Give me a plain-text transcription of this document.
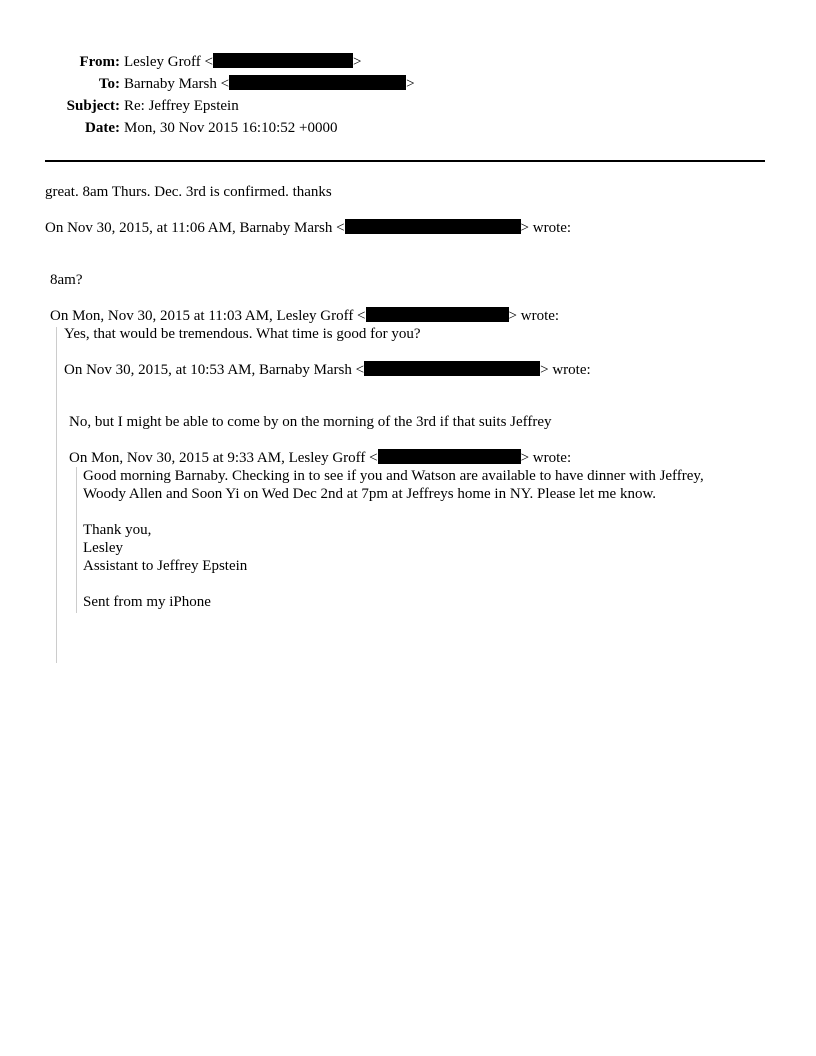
From: Lesley Groff <	>
To: Barnaby Marsh <	>
Subject: Re: Jeffrey Epstein
Date: Mon, 30 Nov 2015 16:10:52 +0000
great. 8am Thurs. Dec. 3rd is confirmed. thanks
On Nov 30, 2015, at 11:06 AM, Barnaby Marsh <	> wrote:
8am?
On Mon, Nov 30, 2015 at 11:03 AM, Lesley Groff <	> wrote:
Yes, that would be tremendous. What time is good for you?
On Nov 30, 2015, at 10:53 AM, Barnaby Marsh <	> wrote:
No, but I might be able to come by on the morning of the 3rd if that suits Jeffrey
On Mon, Nov 30, 2015 at 9:33 AM, Lesley Groff <	> wrote:
Good morning Barnaby. Checking in to see if you and Watson are available to have dinner with Jeffrey,
Woody Allen and Soon Yi on Wed Dec 2nd at 7pm at Jeffreys home in NY. Please let me know.
Thank you,
Lesley
Assistant to Jeffrey Epstein
Sent from my iPhone
